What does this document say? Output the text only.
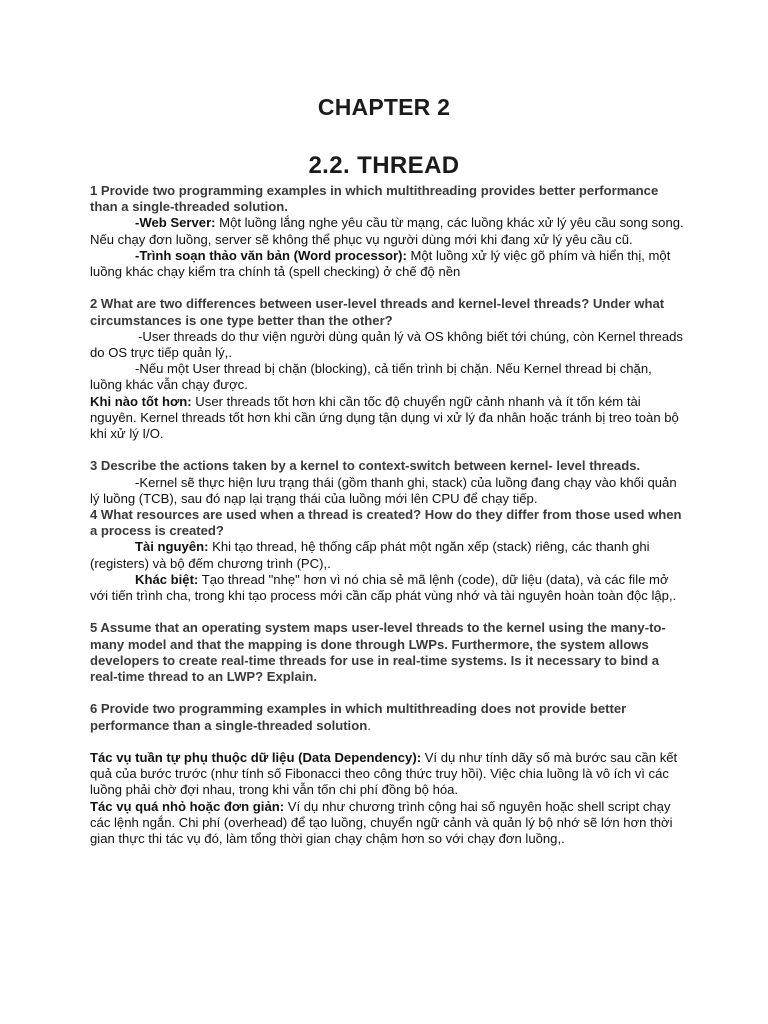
CHAPTER 2
2.2. THREAD

1 Provide two programming examples in which multithreading provides better performance than a single-threaded solution.

-Web Server: Một luồng lắng nghe yêu cầu từ mạng, các luồng khác xử lý yêu cầu song song. Nếu chạy đơn luồng, server sẽ không thể phục vụ người dùng mới khi đang xử lý yêu cầu cũ.

-Trình soạn thảo văn bản (Word processor): Một luồng xử lý việc gõ phím và hiển thị, một luồng khác chạy kiểm tra chính tả (spell checking) ở chế độ nền

2 What are two differences between user-level threads and kernel-level threads? Under what circumstances is one type better than the other?

-User threads do thư viện người dùng quản lý và OS không biết tới chúng, còn Kernel threads do OS trực tiếp quản lý,.

-Nếu một User thread bị chặn (blocking), cả tiến trình bị chặn. Nếu Kernel thread bị chặn, luồng khác vẫn chạy được.

Khi nào tốt hơn: User threads tốt hơn khi cần tốc độ chuyển ngữ cảnh nhanh và ít tốn kém tài nguyên. Kernel threads tốt hơn khi cần ứng dụng tận dụng vi xử lý đa nhân hoặc tránh bị treo toàn bộ khi xử lý I/O.

3 Describe the actions taken by a kernel to context-switch between kernel- level threads.

-Kernel sẽ thực hiện lưu trạng thái (gồm thanh ghi, stack) của luồng đang chạy vào khối quản lý luồng (TCB), sau đó nạp lại trạng thái của luồng mới lên CPU để chạy tiếp.

4 What resources are used when a thread is created? How do they differ from those used when a process is created?

Tài nguyên: Khi tạo thread, hệ thống cấp phát một ngăn xếp (stack) riêng, các thanh ghi (registers) và bộ đếm chương trình (PC),.

Khác biệt: Tạo thread "nhẹ" hơn vì nó chia sẻ mã lệnh (code), dữ liệu (data), và các file mở với tiến trình cha, trong khi tạo process mới cần cấp phát vùng nhớ và tài nguyên hoàn toàn độc lập,.

5 Assume that an operating system maps user-level threads to the kernel using the many-to-many model and that the mapping is done through LWPs. Furthermore, the system allows developers to create real-time threads for use in real-time systems. Is it necessary to bind a real-time thread to an LWP? Explain.

6 Provide two programming examples in which multithreading does not provide better performance than a single-threaded solution.

Tác vụ tuần tự phụ thuộc dữ liệu (Data Dependency): Ví dụ như tính dãy số mà bước sau cần kết quả của bước trước (như tính số Fibonacci theo công thức truy hồi). Việc chia luồng là vô ích vì các luồng phải chờ đợi nhau, trong khi vẫn tốn chi phí đồng bộ hóa.

Tác vụ quá nhỏ hoặc đơn giản: Ví dụ như chương trình cộng hai số nguyên hoặc shell script chạy các lệnh ngắn. Chi phí (overhead) để tạo luồng, chuyển ngữ cảnh và quản lý bộ nhớ sẽ lớn hơn thời gian thực thi tác vụ đó, làm tổng thời gian chạy chậm hơn so với chạy đơn luồng,.
